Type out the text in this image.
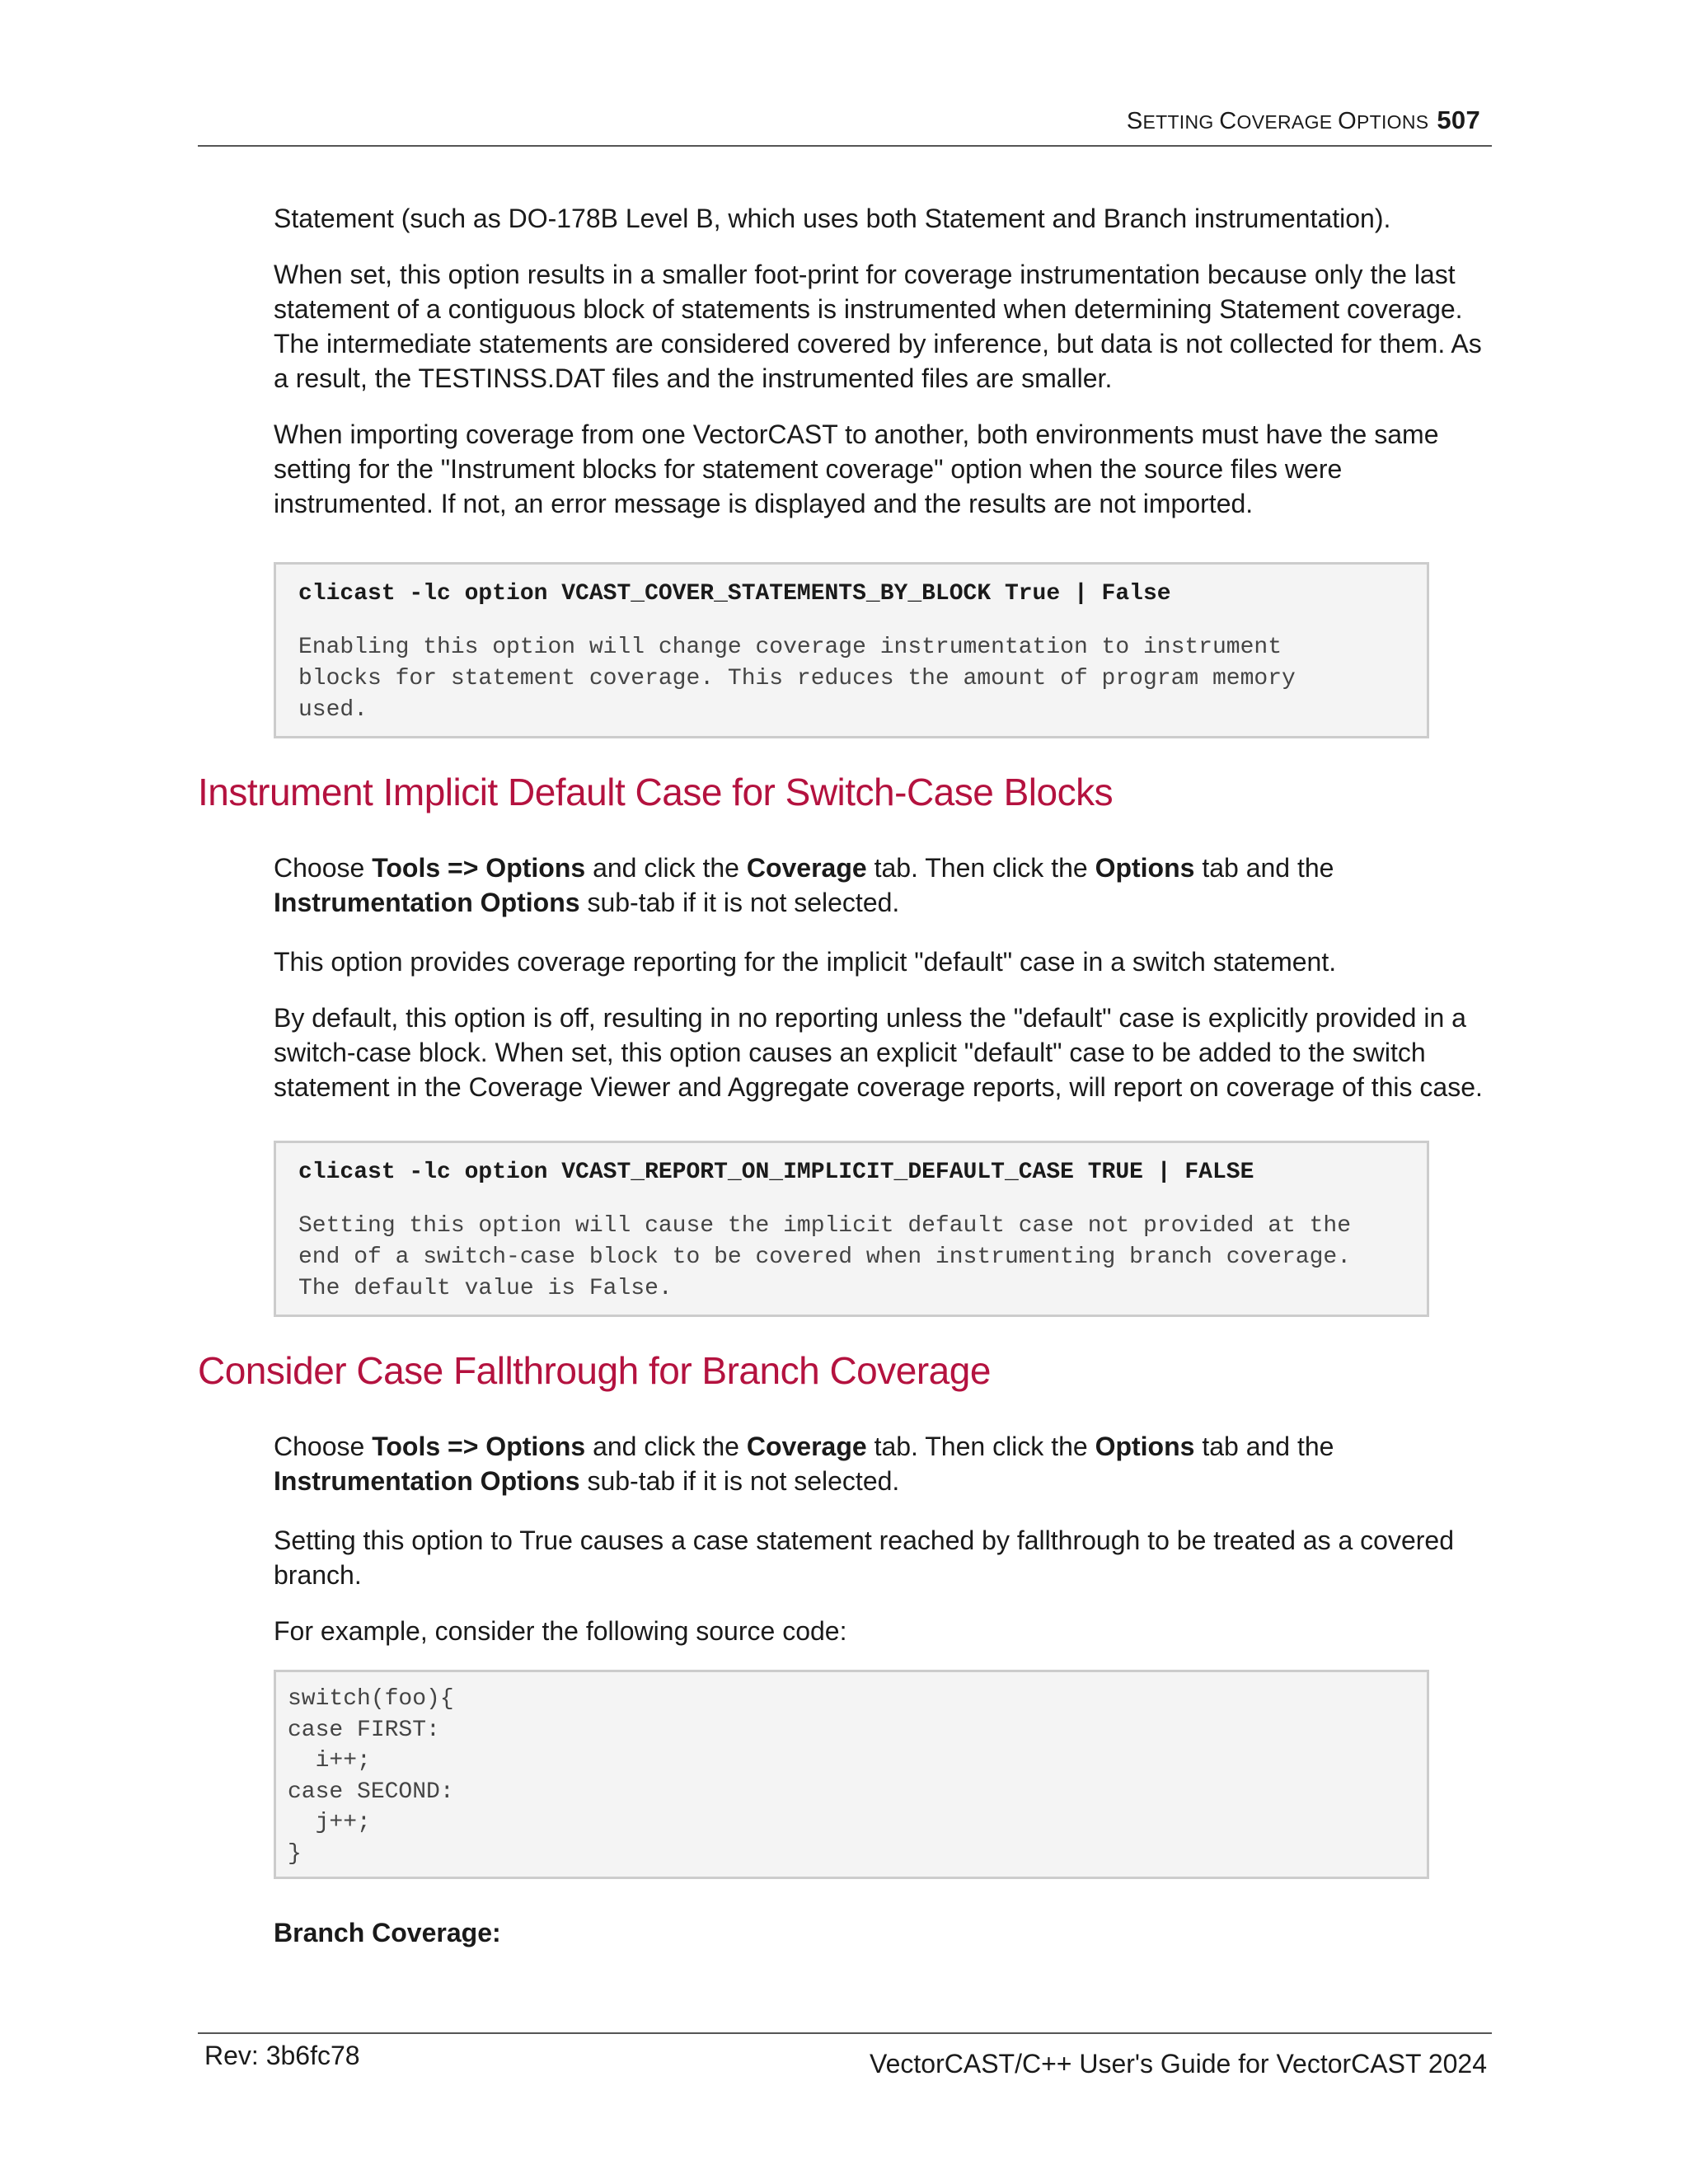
SETTING COVERAGE OPTIONS 507

Statement (such as DO-178B Level B, which uses both Statement and Branch instrumentation).

When set, this option results in a smaller foot-print for coverage instrumentation because only the last
statement of a contiguous block of statements is instrumented when determining Statement coverage.
The intermediate statements are considered covered by inference, but data is not collected for them. As
a result, the TESTINSS.DAT files and the instrumented files are smaller.

When importing coverage from one VectorCAST to another, both environments must have the same
setting for the "Instrument blocks for statement coverage" option when the source files were
instrumented. If not, an error message is displayed and the results are not imported.

clicast -lc option VCAST_COVER_STATEMENTS_BY_BLOCK True | False
Enabling this option will change coverage instrumentation to instrument
blocks for statement coverage. This reduces the amount of program memory
used.
Instrument Implicit Default Case for Switch-Case Blocks

Choose Tools => Options and click the Coverage tab. Then click the Options tab and the
Instrumentation Options sub-tab if it is not selected.

This option provides coverage reporting for the implicit "default" case in a switch statement.

By default, this option is off, resulting in no reporting unless the "default" case is explicitly provided in a
switch-case block. When set, this option causes an explicit "default" case to be added to the switch
statement in the Coverage Viewer and Aggregate coverage reports, will report on coverage of this case.

clicast -lc option VCAST_REPORT_ON_IMPLICIT_DEFAULT_CASE TRUE | FALSE
Setting this option will cause the implicit default case not provided at the
end of a switch-case block to be covered when instrumenting branch coverage.
The default value is False.
Consider Case Fallthrough for Branch Coverage

Choose Tools => Options and click the Coverage tab. Then click the Options tab and the
Instrumentation Options sub-tab if it is not selected.

Setting this option to True causes a case statement reached by fallthrough to be treated as a covered
branch.

For example, consider the following source code:

switch(foo){
case FIRST:
i++;
case SECOND:
j++;
}

Branch Coverage:

Rev: 3b6fc78	VectorCAST/C++ User's Guide for VectorCAST 2024
